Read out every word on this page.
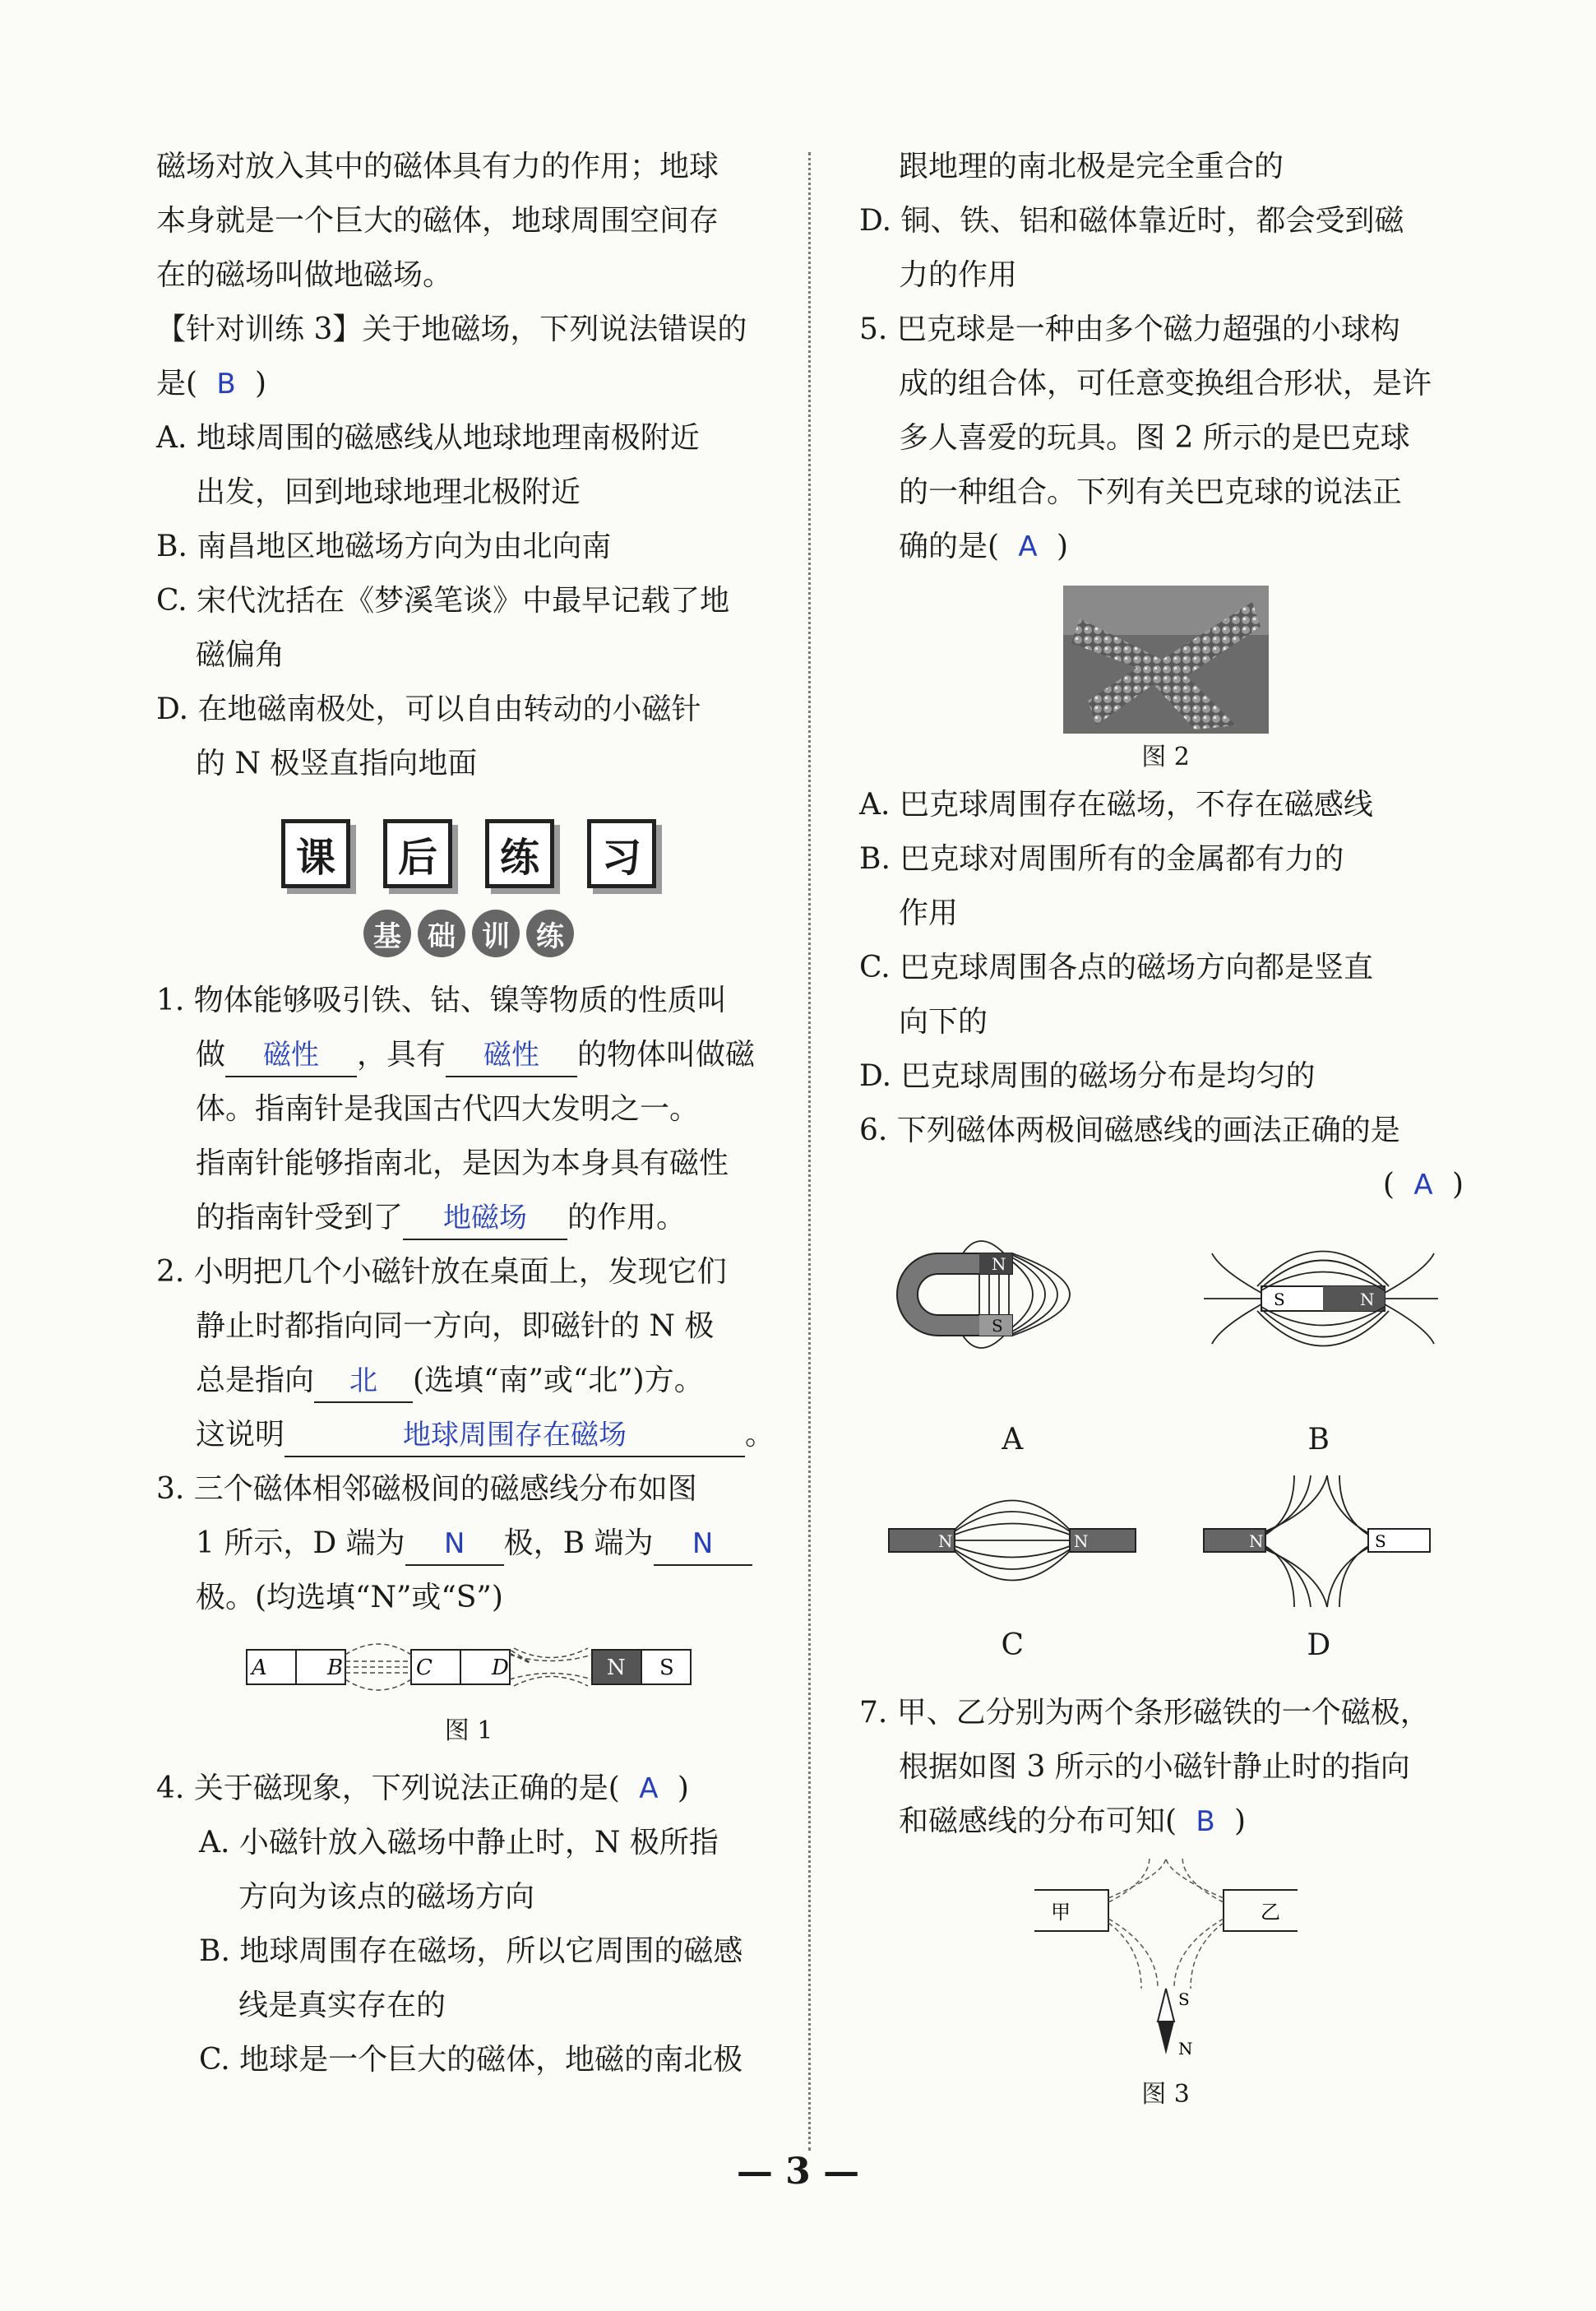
磁场对放入其中的磁体具有力的作用；地球
本身就是一个巨大的磁体，地球周围空间存
在的磁场叫做地磁场。
【针对训练 3】关于地磁场，下列说法错误的
是( B )
A. 地球周围的磁感线从地球地理南极附近
出发，回到地球地理北极附近
B. 南昌地区地磁场方向为由北向南
C. 宋代沈括在《梦溪笔谈》中最早记载了地
磁偏角
D. 在地磁南极处，可以自由转动的小磁针
的 N 极竖直指向地面
课	后	练	习
基 础 训 练
1. 物体能够吸引铁、钴、镍等物质的性质叫
做 磁性 ，具有 磁性 的物体叫做磁
体。指南针是我国古代四大发明之一。
指南针能够指南北，是因为本身具有磁性
的指南针受到了 地磁场 的作用。
2. 小明把几个小磁针放在桌面上，发现它们
静止时都指向同一方向，即磁针的 N 极
总是指向 北 (选填“南”或“北”)方。
这说明	地球周围存在磁场	。
3. 三个磁体相邻磁极间的磁感线分布如图
1 所示，D 端为 N 极，B 端为 N
极。(均选填“N”或“S”)
A	B	C	D	N S
图 1
4. 关于磁现象，下列说法正确的是( A )
A. 小磁针放入磁场中静止时，N 极所指
方向为该点的磁场方向
B. 地球周围存在磁场，所以它周围的磁感
线是真实存在的
C. 地球是一个巨大的磁体，地磁的南北极
跟地理的南北极是完全重合的
D. 铜、铁、铝和磁体靠近时，都会受到磁
力的作用
5. 巴克球是一种由多个磁力超强的小球构
成的组合体，可任意变换组合形状，是许
多人喜爱的玩具。图 2 所示的是巴克球
的一种组合。下列有关巴克球的说法正
确的是( A )
图 2
A. 巴克球周围存在磁场，不存在磁感线
B. 巴克球对周围所有的金属都有力的
作用
C. 巴克球周围各点的磁场方向都是竖直
向下的
D. 巴克球周围的磁场分布是均匀的
6. 下列磁体两极间磁感线的画法正确的是
( A )
N
S
A
S	N
B
N	N
C
N	S
D
7. 甲、乙分别为两个条形磁铁的一个磁极，
根据如图 3 所示的小磁针静止时的指向
和磁感线的分布可知( B )
甲	乙
S
N
图 3
— 3 —
